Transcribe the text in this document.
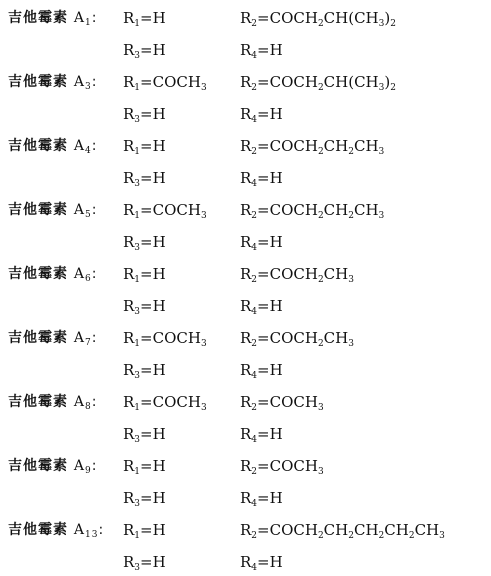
吉他霉素 $A_1$: $R_1=H$	$R_2=COCH_2CH(CH_3)_2$
$R_3=H$	$R_4=H$
吉他霉素 $A_3$: $R_1=COCH_3$ $R_2=COCH_2CH(CH_3)_2$
$R_3=H$	$R_4=H$
吉他霉素 $A_4$: $R_1=H$	$R_2=COCH_2CH_2CH_3$
$R_3=H$	$R_4=H$
吉他霉素 $A_5$: $R_1=COCH_3$ $R_2=COCH_2CH_2CH_3$
$R_3=H$	$R_4=H$
吉他霉素 $A_6$: $R_1=H$	$R_2=COCH_2CH_3$
$R_3=H$	$R_4=H$
吉他霉素 $A_7$: $R_1=COCH_3$ $R_2=COCH_2CH_3$
$R_3=H$	$R_4=H$
吉他霉素 $A_8$: $R_1=COCH_3$ $R_2=COCH_3$
$R_3=H$	$R_4=H$
吉他霉素 $A_9$: $R_1=H$	$R_2=COCH_3$
$R_3=H$	$R_4=H$
吉他霉素 $A_{13}$: $R_1=H$	$R_2=COCH_2CH_2CH_2CH_2CH_3$
$R_3=H$	$R_4=H$
